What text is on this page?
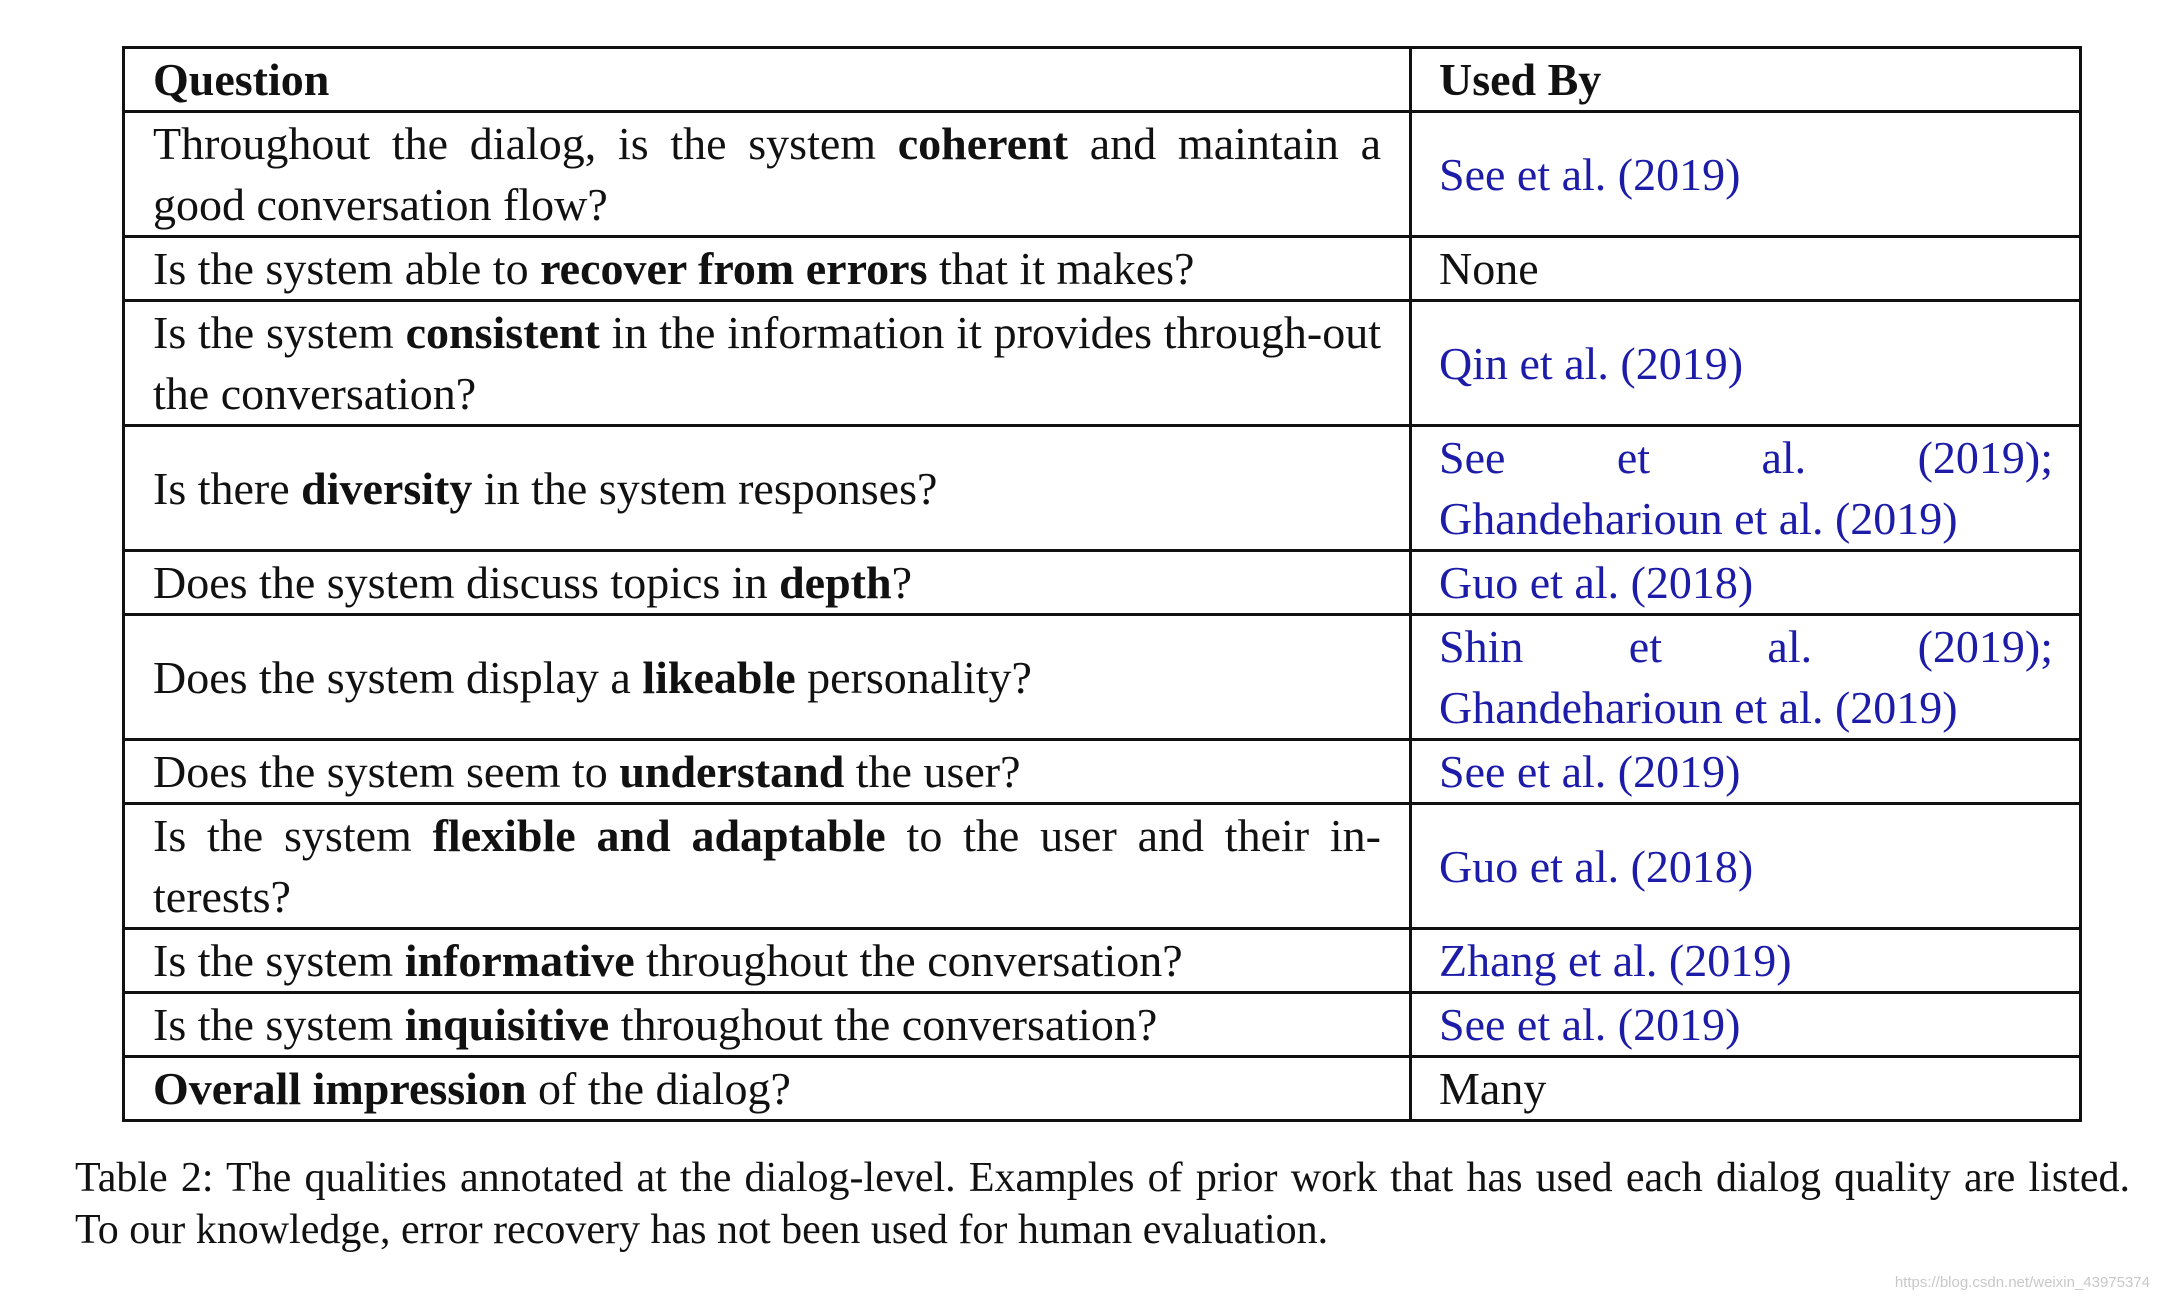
Question	Used By

Throughout the dialog, is the system coherent and maintain a good conversation flow?	See et al. (2019)

Is the system able to recover from errors that it makes?	None

Is the system consistent in the information it provides through-out the conversation?	Qin et al. (2019)

Is there diversity in the system responses?	See et al. (2019);
Ghandeharioun et al. (2019)

Does the system discuss topics in depth?	Guo et al. (2018)

Does the system display a likeable personality?	Shin et al. (2019);
Ghandeharioun et al. (2019)

Does the system seem to understand the user?	See et al. (2019)

Is the system flexible and adaptable to the user and their in-terests?	Guo et al. (2018)

Is the system informative throughout the conversation?	Zhang et al. (2019)

Is the system inquisitive throughout the conversation?	See et al. (2019)

Overall impression of the dialog?	Many
Table 2: The qualities annotated at the dialog-level. Examples of prior work that has used each dialog quality are listed. To our knowledge, error recovery has not been used for human evaluation.
https://blog.csdn.net/weixin_43975374
